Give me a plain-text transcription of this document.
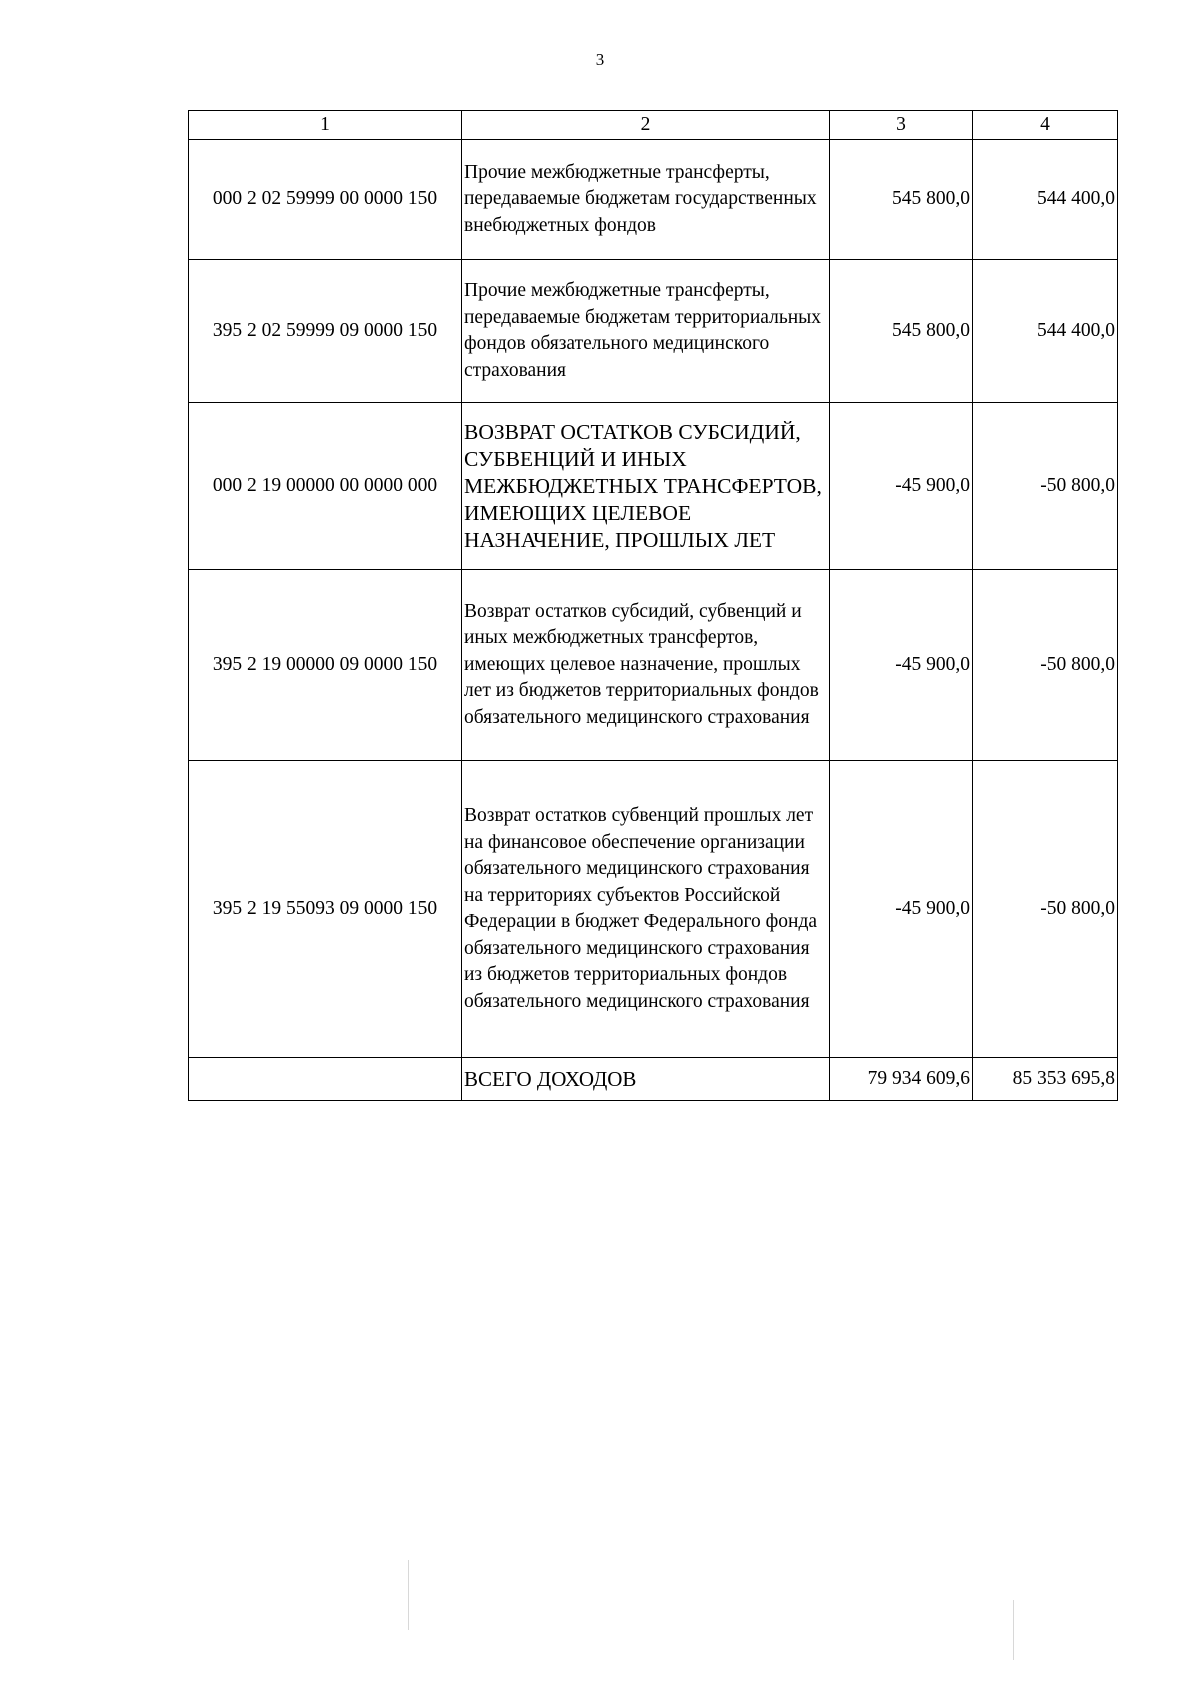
3
1	2	3	4
000 2 02 59999 00 0000 150	Прочие межбюджетные трансферты, передаваемые бюджетам государственных внебюджетных фондов	545 800,0	544 400,0
395 2 02 59999 09 0000 150	Прочие межбюджетные трансферты, передаваемые бюджетам территориальных фондов обязательного медицинского страхования	545 800,0	544 400,0
000 2 19 00000 00 0000 000	ВОЗВРАТ ОСТАТКОВ СУБСИДИЙ, СУБВЕНЦИЙ И ИНЫХ МЕЖБЮДЖЕТНЫХ ТРАНСФЕРТОВ, ИМЕЮЩИХ ЦЕЛЕВОЕ НАЗНАЧЕНИЕ, ПРОШЛЫХ ЛЕТ	-45 900,0	-50 800,0
395 2 19 00000 09 0000 150	Возврат остатков субсидий, субвенций и иных межбюджетных трансфертов, имеющих целевое назначение, прошлых лет из бюджетов территориальных фондов обязательного медицинского страхования	-45 900,0	-50 800,0
395 2 19 55093 09 0000 150	Возврат остатков субвенций прошлых лет на финансовое обеспечение организации обязательного медицинского страхования на территориях субъектов Российской Федерации в бюджет Федерального фонда обязательного медицинского страхования из бюджетов территориальных фондов обязательного медицинского страхования	-45 900,0	-50 800,0
	ВСЕГО ДОХОДОВ	79 934 609,6	85 353 695,8
